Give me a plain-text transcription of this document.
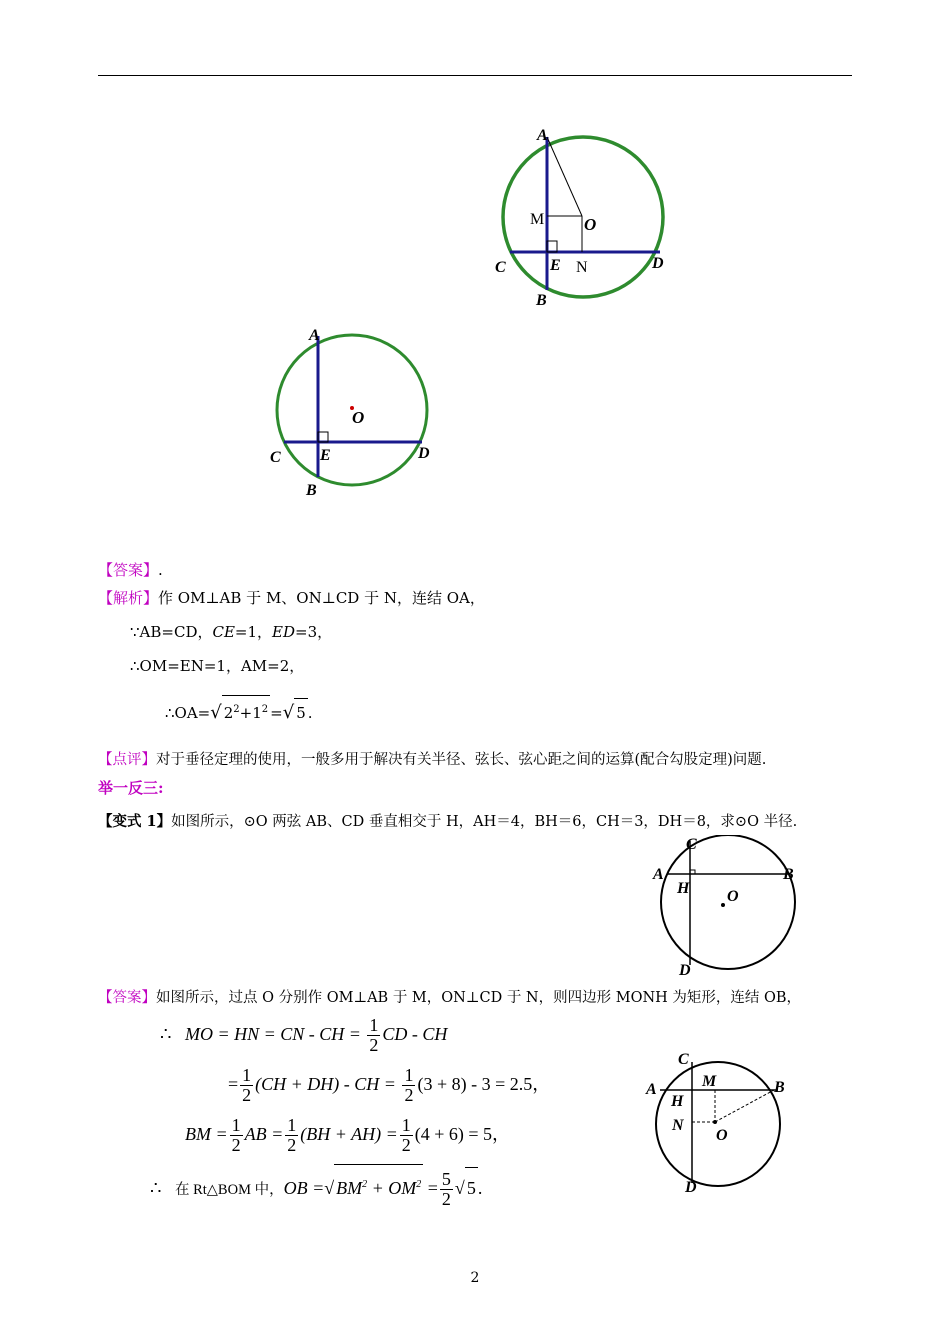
A
M O
C	E N	D
B
A
O
C E	D
B
【答案】.
【解析】作 OM⊥AB 于 M、ON⊥CD 于 N，连结 OA，
∵AB=CD，CE=1，ED=3，
∴OM=EN=1，AM=2，
∴OA=√ $2^2+1^2$ =√ 5 .
【点评】对于垂径定理的使用，一般多用于解决有关半径、弦长、弦心距之间的运算(配合勾股定理)问题.
举一反三:
【变式 1】如图所示，⊙O 两弦 AB、CD 垂直相交于 H，AH＝4，BH＝6，CH＝3，DH＝8，求⊙O 半径.
C
A	B
H O
D
【答案】如图所示，过点 O 分别作 OM⊥AB 于 M，ON⊥CD 于 N，则四边形 MONH 为矩形，连结 OB，
∴ MO = HN = CN - CH = $\frac{1}{2}$ CD - CH
= $\frac{1}{2} (CH + DH)$ - CH = $\frac{1}{2} (3 + 8) - 3 = 2.5$，
BM = $\frac{1}{2}$ AB = $\frac{1}{2} (BH + AH) = \frac{1}{2} (4 + 6) = 5$，
∴ 在 Rt△BOM 中，OB =√ $BM^2 + OM^2 = \frac{5}{2}$ √ 5 .
C
M
A	B
H
N
O
D
2
